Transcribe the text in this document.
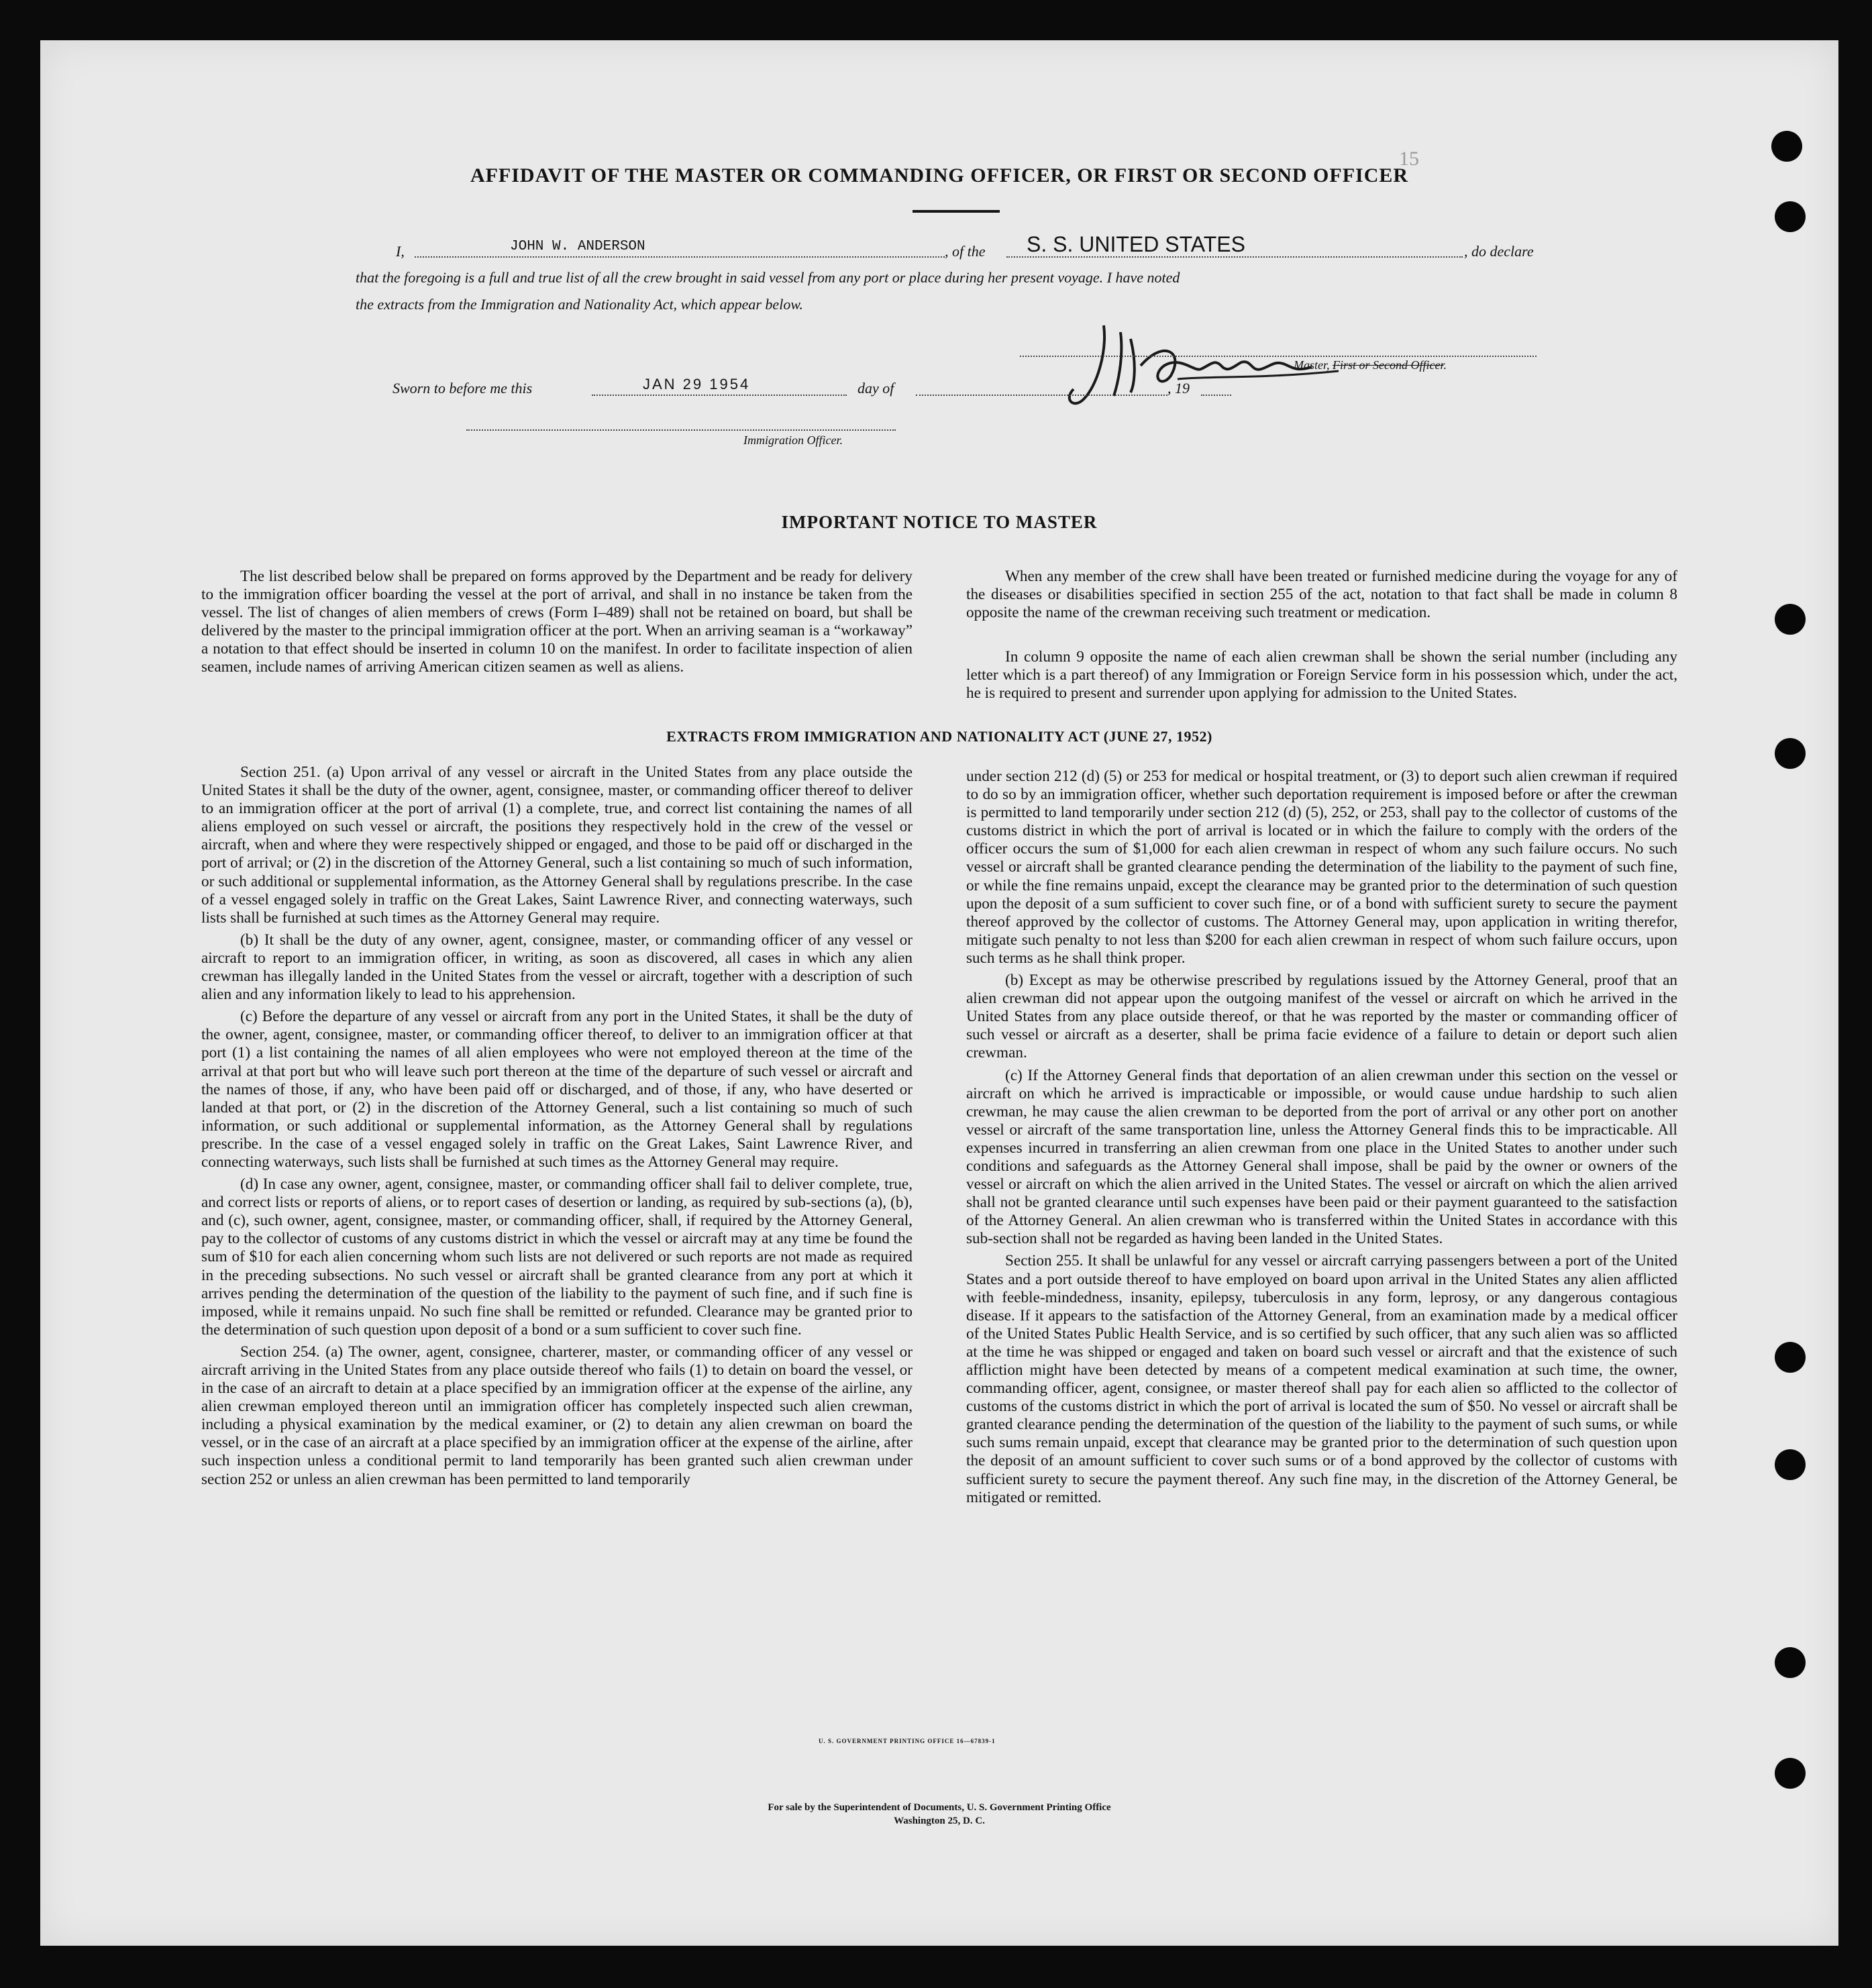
15
AFFIDAVIT OF THE MASTER OR COMMANDING OFFICER, OR FIRST OR SECOND OFFICER
I,	JOHN W. ANDERSON	, of the S. S. UNITED STATES	, do declare
that the foregoing is a full and true list of all the crew brought in said vessel from any port or place during her present voyage. I have noted
the extracts from the Immigration and Nationality Act, which appear below.
Master, First or Second Officer.
Sworn to before me this	JAN 29 1954	day of	, 19
Immigration Officer.
IMPORTANT NOTICE TO MASTER
The list described below shall be prepared on forms approved by the Department and be ready for delivery to the immigration officer boarding the vessel at the port of arrival, and shall in no instance be taken from the vessel. The list of changes of alien members of crews (Form I–489) shall not be retained on board, but shall be delivered by the master to the principal immigration officer at the port. When an arriving seaman is a “workaway” a notation to that effect should be inserted in column 10 on the manifest. In order to facilitate inspection of alien seamen, include names of arriving American citizen seamen as well as aliens.
When any member of the crew shall have been treated or furnished medicine during the voyage for any of the diseases or disabilities specified in section 255 of the act, notation to that fact shall be made in column 8 opposite the name of the crewman receiving such treatment or medication.
In column 9 opposite the name of each alien crewman shall be shown the serial number (including any letter which is a part thereof) of any Immigration or Foreign Service form in his possession which, under the act, he is required to present and surrender upon applying for admission to the United States.
EXTRACTS FROM IMMIGRATION AND NATIONALITY ACT (JUNE 27, 1952)
Section 251. (a) Upon arrival of any vessel or aircraft in the United States from any place outside the United States it shall be the duty of the owner, agent, consignee, master, or commanding officer thereof to deliver to an immigration officer at the port of arrival (1) a complete, true, and correct list containing the names of all aliens employed on such vessel or aircraft, the positions they respectively hold in the crew of the vessel or aircraft, when and where they were respectively shipped or engaged, and those to be paid off or discharged in the port of arrival; or (2) in the discretion of the Attorney General, such a list containing so much of such information, or such additional or supplemental information, as the Attorney General shall by regulations prescribe. In the case of a vessel engaged solely in traffic on the Great Lakes, Saint Lawrence River, and connecting waterways, such lists shall be furnished at such times as the Attorney General may require.
(b) It shall be the duty of any owner, agent, consignee, master, or commanding officer of any vessel or aircraft to report to an immigration officer, in writing, as soon as discovered, all cases in which any alien crewman has illegally landed in the United States from the vessel or aircraft, together with a description of such alien and any information likely to lead to his apprehension.
(c) Before the departure of any vessel or aircraft from any port in the United States, it shall be the duty of the owner, agent, consignee, master, or commanding officer thereof, to deliver to an immigration officer at that port (1) a list containing the names of all alien employees who were not employed thereon at the time of the arrival at that port but who will leave such port thereon at the time of the departure of such vessel or aircraft and the names of those, if any, who have been paid off or discharged, and of those, if any, who have deserted or landed at that port, or (2) in the discretion of the Attorney General, such a list containing so much of such information, or such additional or supplemental information, as the Attorney General shall by regulations prescribe. In the case of a vessel engaged solely in traffic on the Great Lakes, Saint Lawrence River, and connecting waterways, such lists shall be furnished at such times as the Attorney General may require.
(d) In case any owner, agent, consignee, master, or commanding officer shall fail to deliver complete, true, and correct lists or reports of aliens, or to report cases of desertion or landing, as required by sub-sections (a), (b), and (c), such owner, agent, consignee, master, or commanding officer, shall, if required by the Attorney General, pay to the collector of customs of any customs district in which the vessel or aircraft may at any time be found the sum of $10 for each alien concerning whom such lists are not delivered or such reports are not made as required in the preceding subsections. No such vessel or aircraft shall be granted clearance from any port at which it arrives pending the determination of the question of the liability to the payment of such fine, and if such fine is imposed, while it remains unpaid. No such fine shall be remitted or refunded. Clearance may be granted prior to the determination of such question upon deposit of a bond or a sum sufficient to cover such fine.
Section 254. (a) The owner, agent, consignee, charterer, master, or commanding officer of any vessel or aircraft arriving in the United States from any place outside thereof who fails (1) to detain on board the vessel, or in the case of an aircraft to detain at a place specified by an immigration officer at the expense of the airline, any alien crewman employed thereon until an immigration officer has completely inspected such alien crewman, including a physical examination by the medical examiner, or (2) to detain any alien crewman on board the vessel, or in the case of an aircraft at a place specified by an immigration officer at the expense of the airline, after such inspection unless a conditional permit to land temporarily has been granted such alien crewman under section 252 or unless an alien crewman has been permitted to land temporarily
under section 212 (d) (5) or 253 for medical or hospital treatment, or (3) to deport such alien crewman if required to do so by an immigration officer, whether such deportation requirement is imposed before or after the crewman is permitted to land temporarily under section 212 (d) (5), 252, or 253, shall pay to the collector of customs of the customs district in which the port of arrival is located or in which the failure to comply with the orders of the officer occurs the sum of $1,000 for each alien crewman in respect of whom any such failure occurs. No such vessel or aircraft shall be granted clearance pending the determination of the liability to the payment of such fine, or while the fine remains unpaid, except the clearance may be granted prior to the determination of such question upon the deposit of a sum sufficient to cover such fine, or of a bond with sufficient surety to secure the payment thereof approved by the collector of customs. The Attorney General may, upon application in writing therefor, mitigate such penalty to not less than $200 for each alien crewman in respect of whom such failure occurs, upon such terms as he shall think proper.
(b) Except as may be otherwise prescribed by regulations issued by the Attorney General, proof that an alien crewman did not appear upon the outgoing manifest of the vessel or aircraft on which he arrived in the United States from any place outside thereof, or that he was reported by the master or commanding officer of such vessel or aircraft as a deserter, shall be prima facie evidence of a failure to detain or deport such alien crewman.
(c) If the Attorney General finds that deportation of an alien crewman under this section on the vessel or aircraft on which he arrived is impracticable or impossible, or would cause undue hardship to such alien crewman, he may cause the alien crewman to be deported from the port of arrival or any other port on another vessel or aircraft of the same transportation line, unless the Attorney General finds this to be impracticable. All expenses incurred in transferring an alien crewman from one place in the United States to another under such conditions and safeguards as the Attorney General shall impose, shall be paid by the owner or owners of the vessel or aircraft on which the alien arrived in the United States. The vessel or aircraft on which the alien arrived shall not be granted clearance until such expenses have been paid or their payment guaranteed to the satisfaction of the Attorney General. An alien crewman who is transferred within the United States in accordance with this sub-section shall not be regarded as having been landed in the United States.
Section 255. It shall be unlawful for any vessel or aircraft carrying passengers between a port of the United States and a port outside thereof to have employed on board upon arrival in the United States any alien afflicted with feeble-mindedness, insanity, epilepsy, tuberculosis in any form, leprosy, or any dangerous contagious disease. If it appears to the satisfaction of the Attorney General, from an examination made by a medical officer of the United States Public Health Service, and is so certified by such officer, that any such alien was so afflicted at the time he was shipped or engaged and taken on board such vessel or aircraft and that the existence of such affliction might have been detected by means of a competent medical examination at such time, the owner, commanding officer, agent, consignee, or master thereof shall pay for each alien so afflicted to the collector of customs of the customs district in which the port of arrival is located the sum of $50. No vessel or aircraft shall be granted clearance pending the determination of the question of the liability to the payment of such sums, or while such sums remain unpaid, except that clearance may be granted prior to the determination of such question upon the deposit of an amount sufficient to cover such sums or of a bond approved by the collector of customs with sufficient surety to secure the payment thereof. Any such fine may, in the discretion of the Attorney General, be mitigated or remitted.
U. S. GOVERNMENT PRINTING OFFICE 16—67839-1
For sale by the Superintendent of Documents, U. S. Government Printing Office
Washington 25, D. C.
